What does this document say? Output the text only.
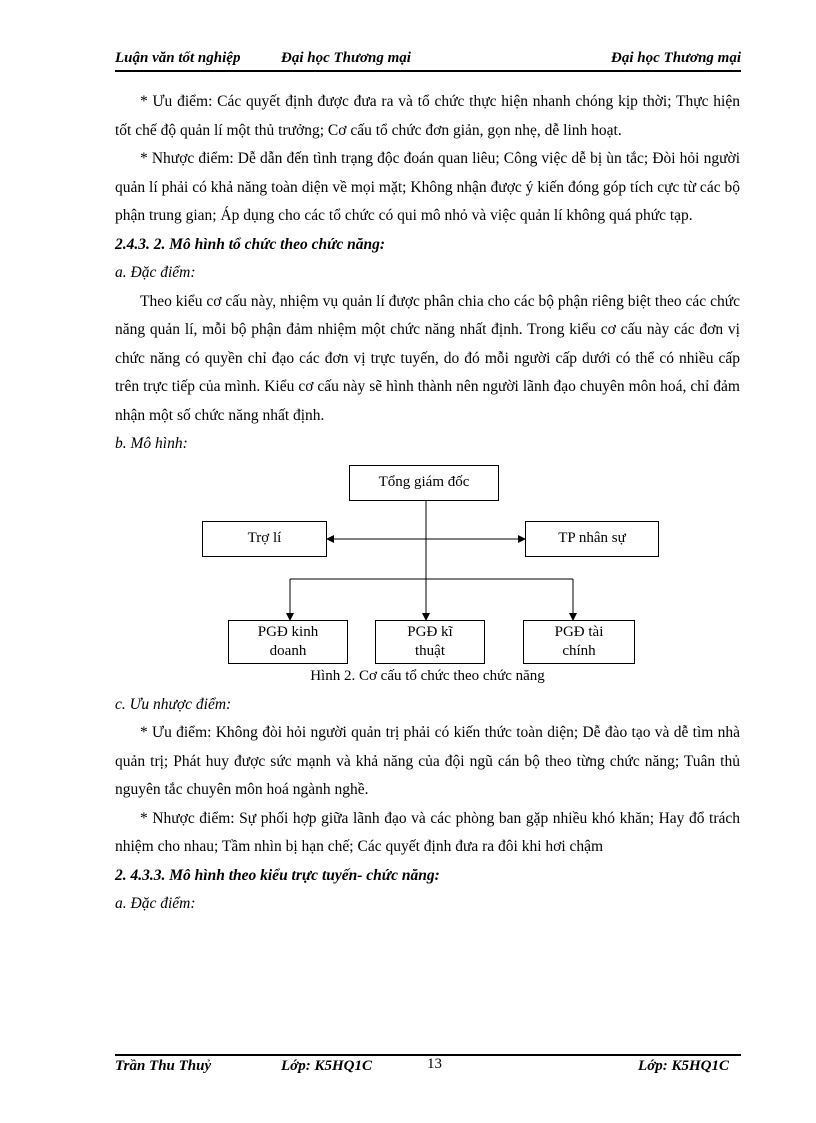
Luận văn tốt nghiệp	Đại học Thương mại	Đại học Thương mại

* Ưu điểm: Các quyết định được đưa ra và tổ chức thực hiện nhanh chóng kịp thời; Thực hiện tốt chế độ quản lí một thủ trưởng; Cơ cấu tổ chức đơn giản, gọn nhẹ, dễ linh hoạt.

* Nhược điểm: Dễ dẫn đến tình trạng độc đoán quan liêu; Công việc dễ bị ùn tắc; Đòi hỏi người quản lí phải có khả năng toàn diện về mọi mặt; Không nhận được ý kiến đóng góp tích cực từ các bộ phận trung gian; Áp dụng cho các tổ chức có qui mô nhỏ và việc quản lí không quá phức tạp.

2.4.3. 2. Mô hình tổ chức theo chức năng:

a. Đặc điểm:

Theo kiểu cơ cấu này, nhiệm vụ quản lí được phân chia cho các bộ phận riêng biệt theo các chức năng quản lí, mỗi bộ phận đảm nhiệm một chức năng nhất định. Trong kiểu cơ cấu này các đơn vị chức năng có quyền chỉ đạo các đơn vị trực tuyến, do đó mỗi người cấp dưới có thể có nhiều cấp trên trực tiếp của mình. Kiểu cơ cấu này sẽ hình thành nên người lãnh đạo chuyên môn hoá, chỉ đảm nhận một số chức năng nhất định.

b. Mô hình:

Tổng giám đốc
Trợ lí	TP nhân sự
PGĐ kinh doanh
PGĐ kĩ thuật
PGĐ tài chính
Hình 2. Cơ cấu tổ chức theo chức năng

c. Ưu nhược điểm:

* Ưu điểm: Không đòi hỏi người quản trị phải có kiến thức toàn diện; Dễ đào tạo và dễ tìm nhà quản trị; Phát huy được sức mạnh và khả năng của đội ngũ cán bộ theo từng chức năng; Tuân thủ nguyên tắc chuyên môn hoá ngành nghề.

* Nhược điểm: Sự phối hợp giữa lãnh đạo và các phòng ban gặp nhiều khó khăn; Hay đổ trách nhiệm cho nhau; Tầm nhìn bị hạn chế; Các quyết định đưa ra đôi khi hơi chậm

2. 4.3.3. Mô hình theo kiểu trực tuyến- chức năng:

a. Đặc điểm:

Trần Thu Thuỷ	Lớp: K5HQ1C	13	Lớp: K5HQ1C
